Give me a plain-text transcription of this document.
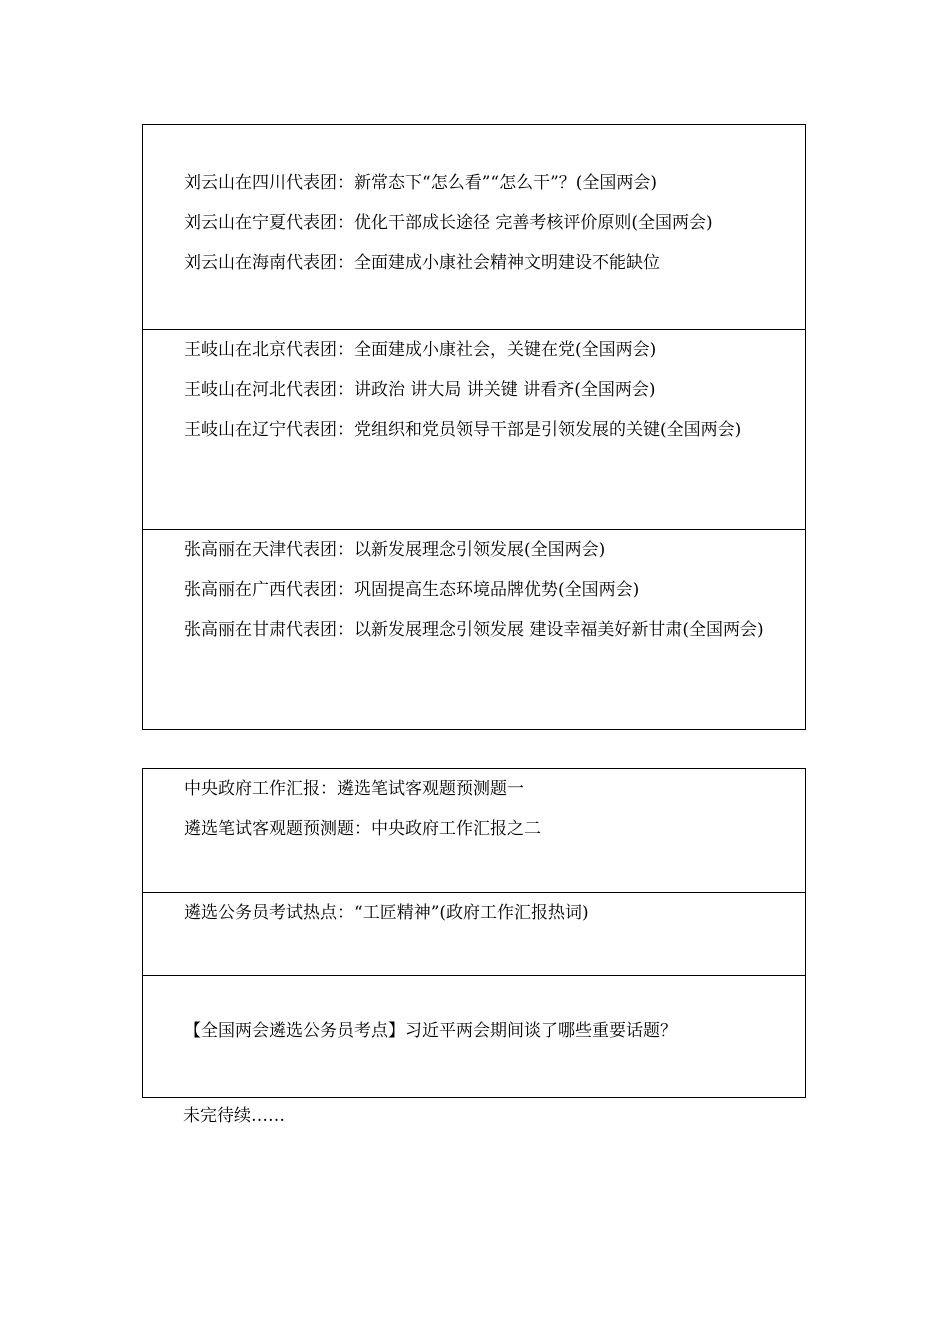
刘云山在四川代表团：新常态下“怎么看”“怎么干”？(全国两会)

刘云山在宁夏代表团：优化干部成长途径 完善考核评价原则(全国两会)

刘云山在海南代表团：全面建成小康社会精神文明建设不能缺位

王岐山在北京代表团：全面建成小康社会，关键在党(全国两会)

王岐山在河北代表团：讲政治 讲大局 讲关键 讲看齐(全国两会)

王岐山在辽宁代表团：党组织和党员领导干部是引领发展的关键(全国两会)

张高丽在天津代表团：以新发展理念引领发展(全国两会)

张高丽在广西代表团：巩固提高生态环境品牌优势(全国两会)

张高丽在甘肃代表团：以新发展理念引领发展 建设幸福美好新甘肃(全国两会)

中央政府工作汇报：遴选笔试客观题预测题一

遴选笔试客观题预测题：中央政府工作汇报之二

遴选公务员考试热点：“工匠精神”(政府工作汇报热词)

【全国两会遴选公务员考点】习近平两会期间谈了哪些重要话题？

未完待续……
